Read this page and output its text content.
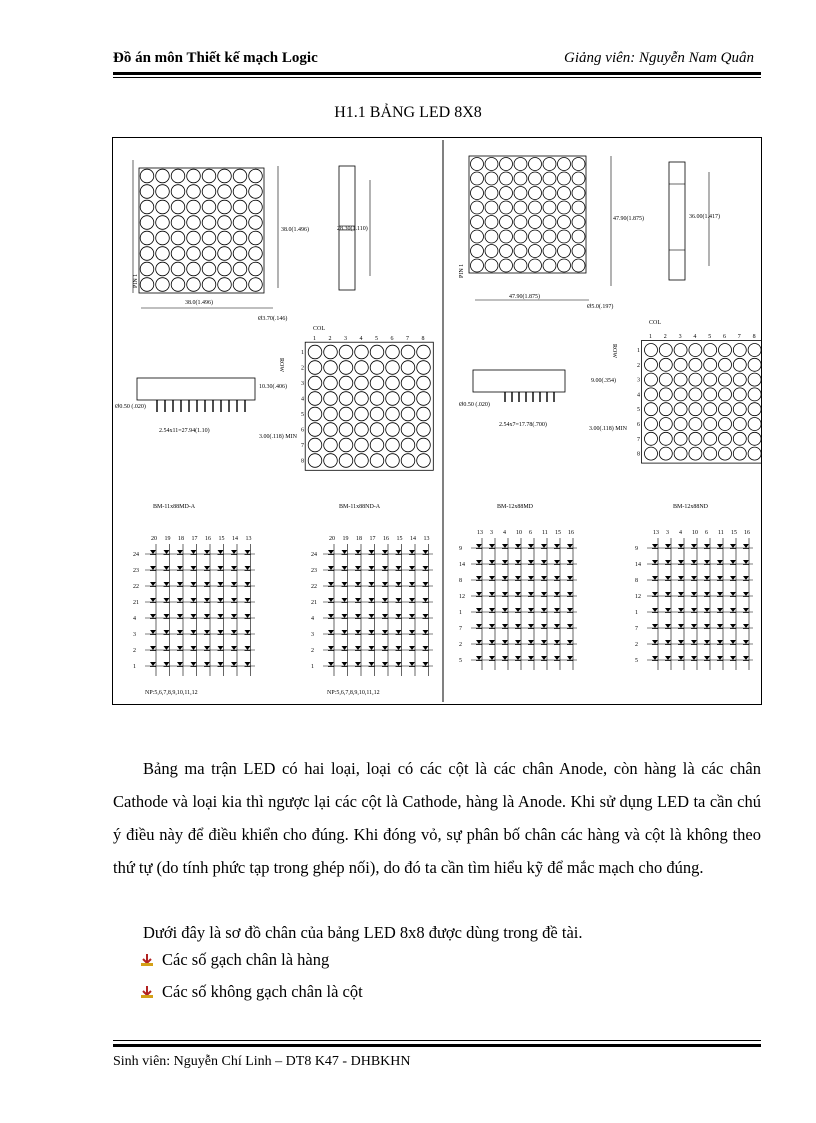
Đồ án môn Thiết kế mạch Logic	Giảng viên: Nguyễn Nam Quân
H1.1 BẢNG LED 8X8
38.0(1.496)
38.0(1.496)
Ø3.70(.146)
PIN 1
28.30(1.110)
Ø0.50 (.020)
2.54x11=27.94(1.10)
10.30(.406)
3.00(.118) MIN
COL
ROW
1 2 3 4 5 6 7 8
1
2
3
4
5
6
7
8
BM-11x88MD-A	BM-11x88ND-A
20 19 18 17 16 15 14 13
24
23
22
21
4
3
2
1
20 19 18 17 16 15 14 13
24
23
22
21
4
3
2
1
NP:5,6,7,8,9,10,11,12	NP:5,6,7,8,9,10,11,12
47.90(1.875)
47.90(1.875)
Ø5.0(.197)
PIN 1
36.00(1.417)
Ø0.50 (.020)
2.54x7=17.78(.700)
9.00(.354)
3.00(.118) MIN
COL
ROW
1 2 3 4 5 6 7 8
1
2
3
4
5
6
7
8
BM-12x88MD	BM-12x88ND
13 3 4 10 6 11 15 16
9
14
8
12
1
7
2
5
13 3 4 10 6 11 15 16
9
14
8
12
1
7
2
5
Bảng ma trận LED có hai loại, loại có các cột là các chân Anode, còn hàng là các chân Cathode và loại kia thì ngược lại các cột là Cathode, hàng là Anode. Khi sử dụng LED ta cần chú ý điều này để điều khiển cho đúng. Khi đóng vỏ, sự phân bố chân các hàng và cột là không theo thứ tự (do tính phức tạp trong ghép nối), do đó ta cần tìm hiểu kỹ để mắc mạch cho đúng.
Dưới đây là sơ đồ chân của bảng LED 8x8 được dùng trong đề tài.
Các số gạch chân là hàng
Các số không gạch chân là cột
Sinh viên: Nguyễn Chí Linh – DT8 K47 - DHBKHN
